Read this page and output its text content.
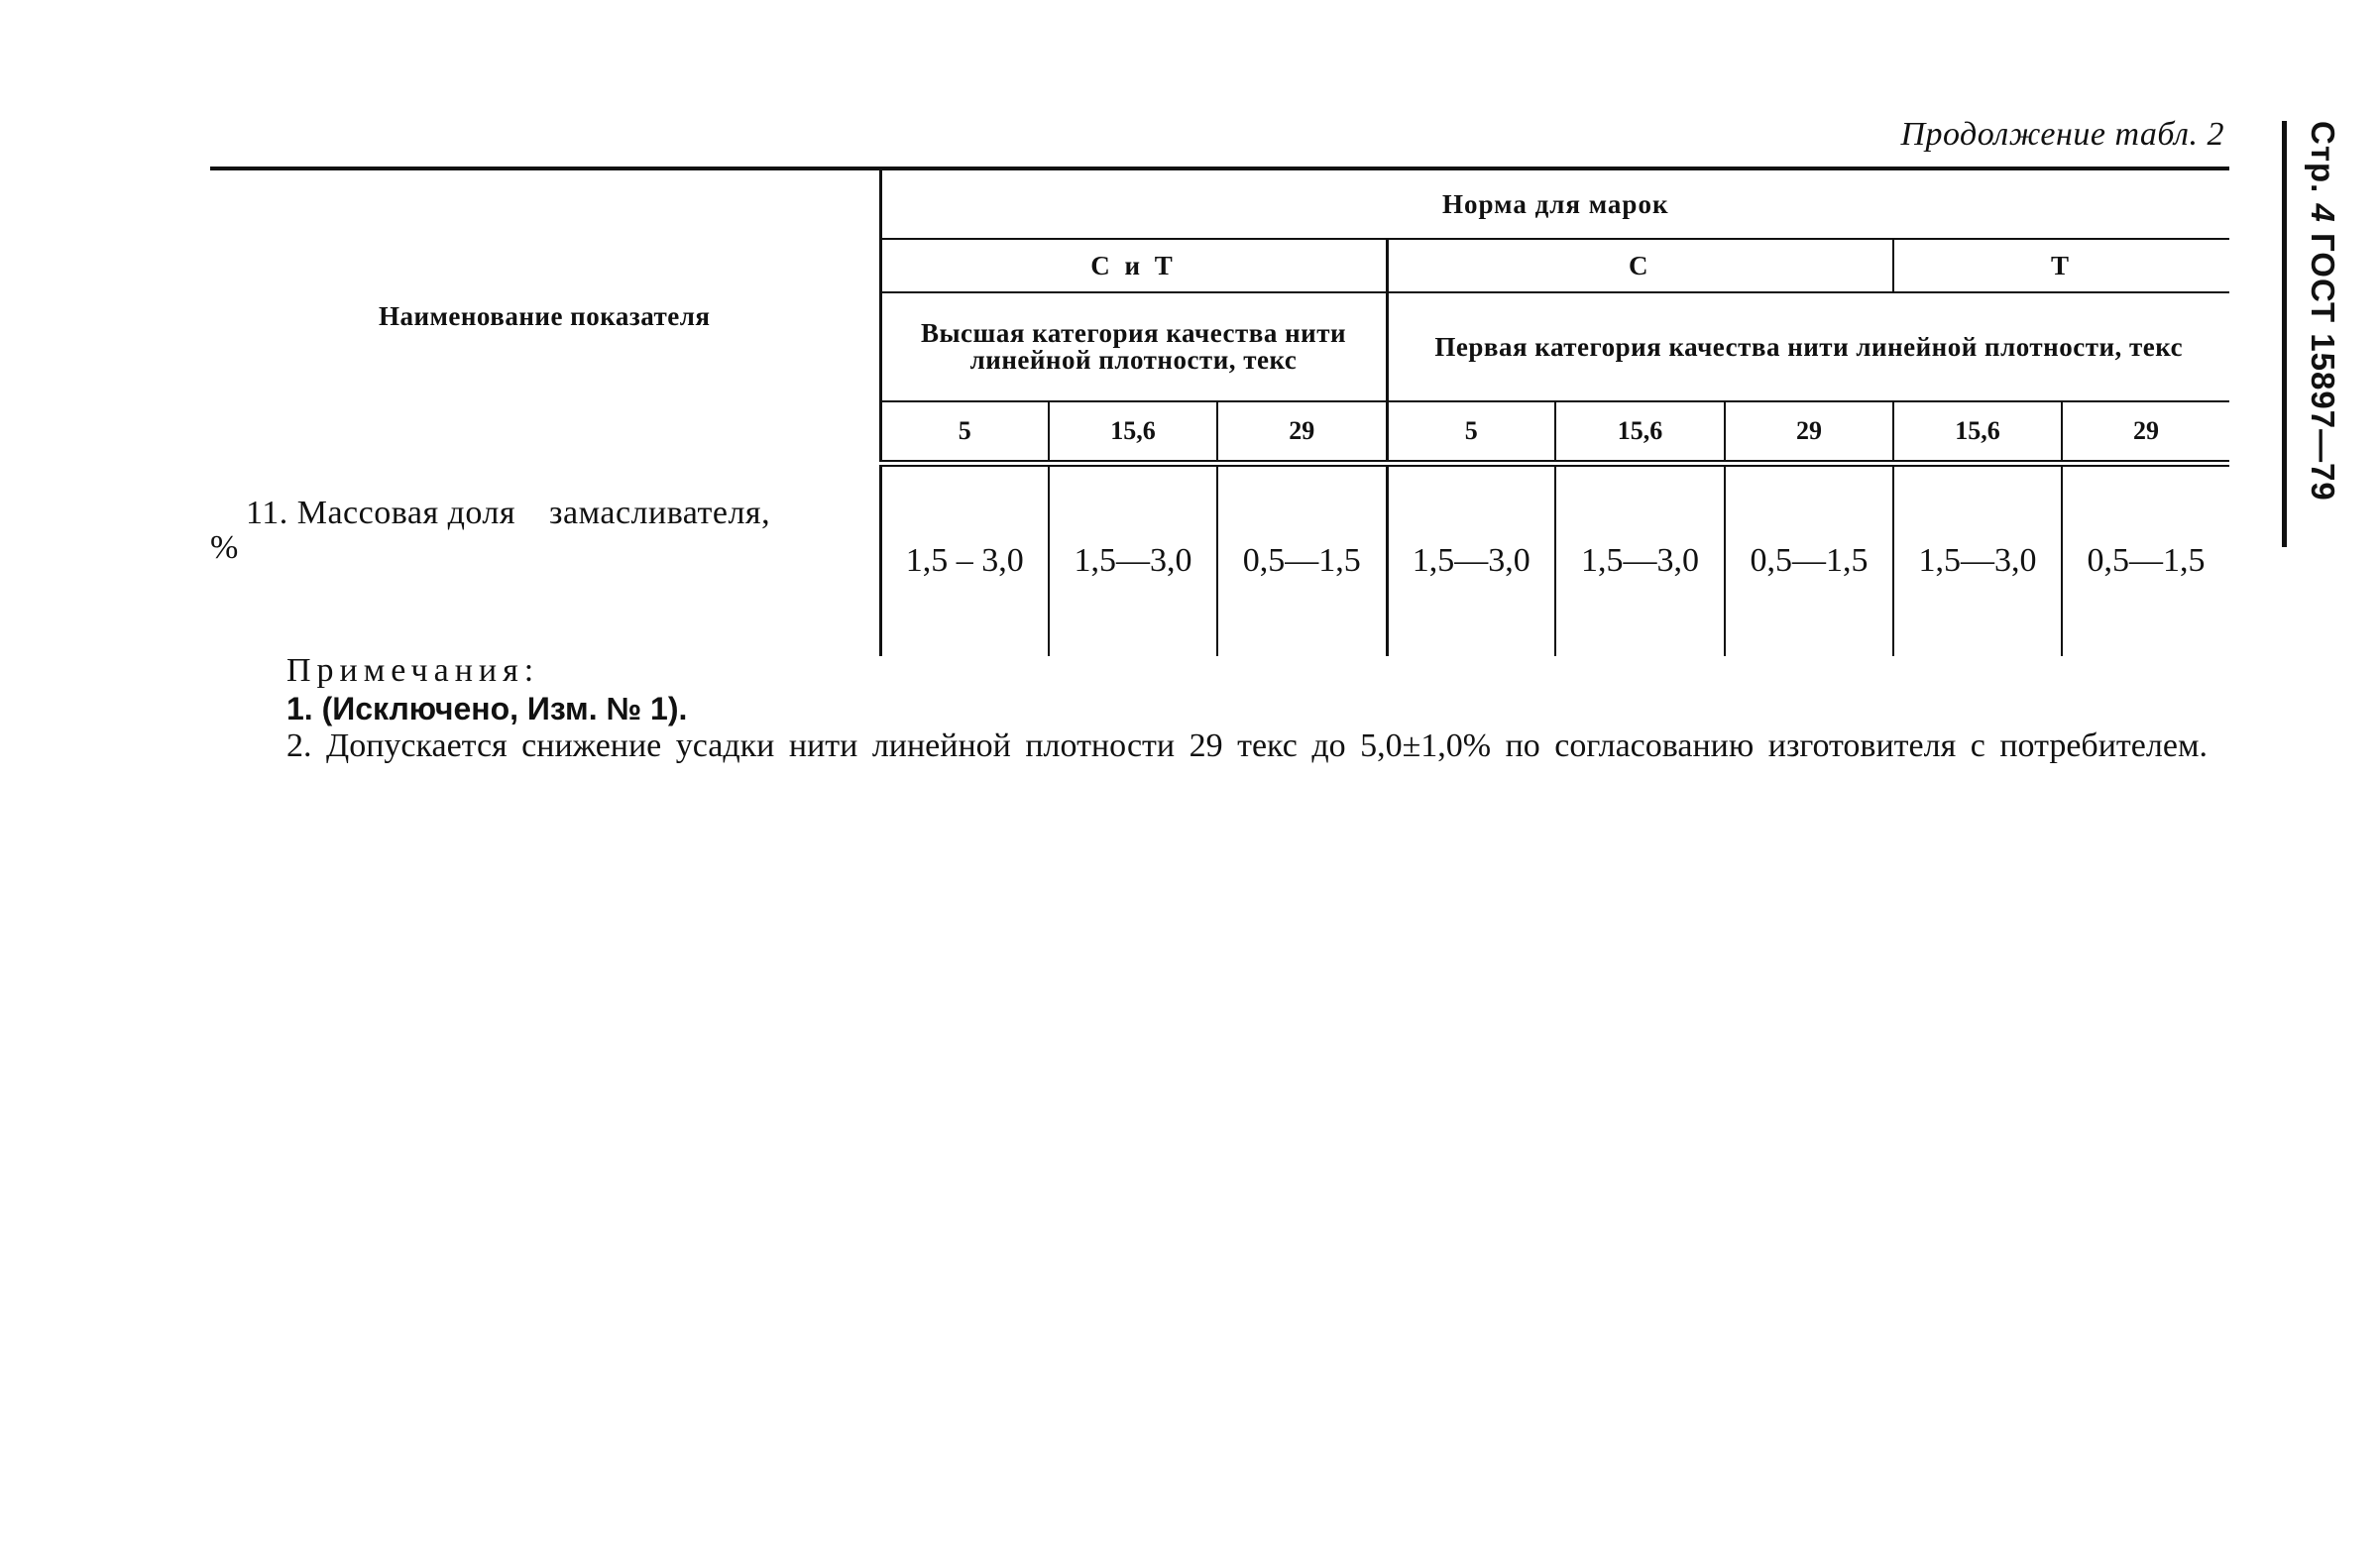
Продолжение табл. 2 Стр. 4 ГОСТ 15897—79
Наименование показателя	Норма для марок							
	С и Т			С			Т	
	Высшая категория качества нити линейной плотности, текс			Первая категория качества нити линейной плотности, текс				
	5	15,6	29	5	15,6	29	15,6	29

11. Массовая доля замасливателя,
%	1,5 – 3,0	1,5—3,0	0,5—1,5	1,5—3,0	1,5—3,0	0,5—1,5	1,5—3,0	0,5—1,5
Примечания:
1. (Исключено, Изм. № 1).
2. Допускается снижение усадки нити линейной плотности 29 текс до 5,0±1,0% по согласованию изготовителя с потребителем.
